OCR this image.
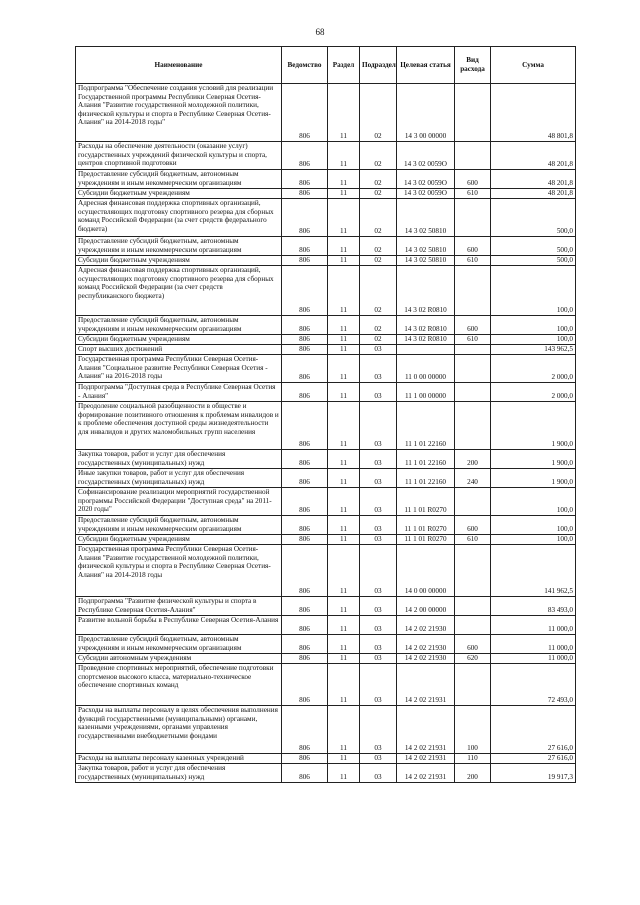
68
Наименование	Ведомство	Раздел	Подраздел	Целевая статья	Вид расхода	Сумма
Подпрограмма "Обеспечение создания условий для реализации Государственной программы Республики Северная Осетия-Алания "Развитие государственной молодежной политики, физической культуры и спорта в Республике Северная Осетия-Алания" на 2014-2018 годы"	806	11	02	14 3 00 00000		48 801,8
Расходы на обеспечение деятельности (оказание услуг) государственных учреждений физической культуры и спорта, центров спортивной подготовки	806	11	02	14 3 02 0059O		48 201,8
Предоставление субсидий бюджетным, автономным учреждениям и иным некоммерческим организациям	806	11	02	14 3 02 0059O	600	48 201,8
Субсидии бюджетным учреждениям	806	11	02	14 3 02 0059O	610	48 201,8
Адресная финансовая поддержка спортивных организаций, осуществляющих подготовку спортивного резерва для сборных команд Российской Федерации (за счет средств федерального бюджета)	806	11	02	14 3 02 50810		500,0
Предоставление субсидий бюджетным, автономным учреждениям и иным некоммерческим организациям	806	11	02	14 3 02 50810	600	500,0
Субсидии бюджетным учреждениям	806	11	02	14 3 02 50810	610	500,0
Адресная финансовая поддержка спортивных организаций, осуществляющих подготовку спортивного резерва для сборных команд Российской Федерации (за счет средств республиканского бюджета)	806	11	02	14 3 02 R0810		100,0
Предоставление субсидий бюджетным, автономным учреждениям и иным некоммерческим организациям	806	11	02	14 3 02 R0810	600	100,0
Субсидии бюджетным учреждениям	806	11	02	14 3 02 R0810	610	100,0
Спорт высших достижений	806	11	03			143 962,5
Государственная программа Республики Северная Осетия-Алания "Социальное развитие Республики Северная Осетия - Алания" на 2016-2018 годы	806	11	03	11 0 00 00000		2 000,0
Подпрограмма "Доступная среда в Республике Северная Осетия - Алания"	806	11	03	11 1 00 00000		2 000,0
Преодоление социальной разобщенности в обществе и формирование позитивного отношения к проблемам инвалидов и к проблеме обеспечения доступной среды жизнедеятельности для инвалидов и других маломобильных групп населения	806	11	03	11 1 01 22160		1 900,0
Закупка товаров, работ и услуг для обеспечения государственных (муниципальных) нужд	806	11	03	11 1 01 22160	200	1 900,0
Иные закупки товаров, работ и услуг для обеспечения государственных (муниципальных) нужд	806	11	03	11 1 01 22160	240	1 900,0
Софинансирование реализации мероприятий государственной программы Российской Федерации "Доступная среда" на 2011-2020 годы"	806	11	03	11 1 01 R0270		100,0
Предоставление субсидий бюджетным, автономным учреждениям и иным некоммерческим организациям	806	11	03	11 1 01 R0270	600	100,0
Субсидии бюджетным учреждениям	806	11	03	11 1 01 R0270	610	100,0
Государственная программа Республики Северная Осетия-Алания "Развитие государственной молодежной политики, физической культуры и спорта в Республике Северная Осетия-Алания" на 2014-2018 годы	806	11	03	14 0 00 00000		141 962,5
Подпрограмма "Развитие физической культуры и спорта в Республике Северная Осетия-Алания"	806	11	03	14 2 00 00000		83 493,0
Развитие вольной борьбы в Республике Северная Осетия-Алания	806	11	03	14 2 02 21930		11 000,0
Предоставление субсидий бюджетным, автономным учреждениям и иным некоммерческим организациям	806	11	03	14 2 02 21930	600	11 000,0
Субсидии автономным учреждениям	806	11	03	14 2 02 21930	620	11 000,0
Проведение спортивных мероприятий, обеспечение подготовки спортсменов высокого класса, материально-техническое обеспечение спортивных команд	806	11	03	14 2 02 21931		72 493,0
Расходы на выплаты персоналу в целях обеспечения выполнения функций государственными (муниципальными) органами, казенными учреждениями, органами управления государственными внебюджетными фондами	806	11	03	14 2 02 21931	100	27 616,0
Расходы на выплаты персоналу казенных учреждений	806	11	03	14 2 02 21931	110	27 616,0
Закупка товаров, работ и услуг для обеспечения государственных (муниципальных) нужд	806	11	03	14 2 02 21931	200	19 917,3
